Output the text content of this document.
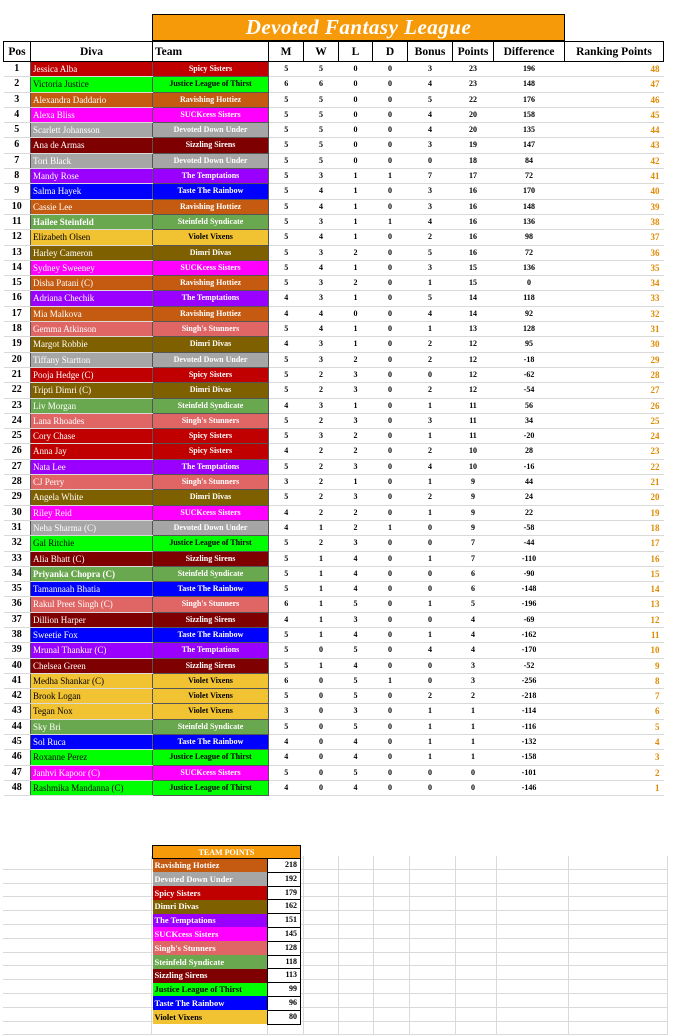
Devoted Fantasy League
Pos	Diva	Team	M	W	L	D	Bonus	Points	Difference	Ranking Points
1	Jessica Alba	Spicy Sisters	5	5	0	0	3	23	196	48
2	Victoria Justice	Justice League of Thirst	6	6	0	0	4	23	148	47
3	Alexandra Daddario	Ravishing Hottiez	5	5	0	0	5	22	176	46
4	Alexa Bliss	SUCKcess Sisters	5	5	0	0	4	20	158	45
5	Scarlett Johansson	Devoted Down Under	5	5	0	0	4	20	135	44
6	Ana de Armas	Sizzling Sirens	5	5	0	0	3	19	147	43
7	Tori Black	Devoted Down Under	5	5	0	0	0	18	84	42
8	Mandy Rose	The Temptations	5	3	1	1	7	17	72	41
9	Salma Hayek	Taste The Rainbow	5	4	1	0	3	16	170	40
10	Cassie Lee	Ravishing Hottiez	5	4	1	0	3	16	148	39
11	Hailee Steinfeld	Steinfeld Syndicate	5	3	1	1	4	16	136	38
12	Elizabeth Olsen	Violet Vixens	5	4	1	0	2	16	98	37
13	Harley Cameron	Dimri Divas	5	3	2	0	5	16	72	36
14	Sydney Sweeney	SUCKcess Sisters	5	4	1	0	3	15	136	35
15	Disha Patani (C)	Ravishing Hottiez	5	3	2	0	1	15	0	34
16	Adriana Chechik	The Temptations	4	3	1	0	5	14	118	33
17	Mia Malkova	Ravishing Hottiez	4	4	0	0	4	14	92	32
18	Gemma Atkinson	Singh's Stunners	5	4	1	0	1	13	128	31
19	Margot Robbie	Dimri Divas	4	3	1	0	2	12	95	30
20	Tiffany Startton	Devoted Down Under	5	3	2	0	2	12	-18	29
21	Pooja Hedge (C)	Spicy Sisters	5	2	3	0	0	12	-62	28
22	Tripti Dimri (C)	Dimri Divas	5	2	3	0	2	12	-54	27
23	Liv Morgan	Steinfeld Syndicate	4	3	1	0	1	11	56	26
24	Lana Rhoades	Singh's Stunners	5	2	3	0	3	11	34	25
25	Cory Chase	Spicy Sisters	5	3	2	0	1	11	-20	24
26	Anna Jay	Spicy Sisters	4	2	2	0	2	10	28	23
27	Nata Lee	The Temptations	5	2	3	0	4	10	-16	22
28	CJ Perry	Singh's Stunners	3	2	1	0	1	9	44	21
29	Angela White	Dimri Divas	5	2	3	0	2	9	24	20
30	Riley Reid	SUCKcess Sisters	4	2	2	0	1	9	22	19
31	Neha Sharma (C)	Devoted Down Under	4	1	2	1	0	9	-58	18
32	Gal Ritchie	Justice League of Thirst	5	2	3	0	0	7	-44	17
33	Alia Bhatt (C)	Sizzling Sirens	5	1	4	0	1	7	-110	16
34	Priyanka Chopra (C)	Steinfeld Syndicate	5	1	4	0	0	6	-90	15
35	Tamannaah Bhatia	Taste The Rainbow	5	1	4	0	0	6	-148	14
36	Rakul Preet Singh (C)	Singh's Stunners	6	1	5	0	1	5	-196	13
37	Dillion Harper	Sizzling Sirens	4	1	3	0	0	4	-69	12
38	Sweetie Fox	Taste The Rainbow	5	1	4	0	1	4	-162	11
39	Mrunal Thankur (C)	The Temptations	5	0	5	0	4	4	-170	10
40	Chelsea Green	Sizzling Sirens	5	1	4	0	0	3	-52	9
41	Medha Shankar (C)	Violet Vixens	6	0	5	1	0	3	-256	8
42	Brook Logan	Violet Vixens	5	0	5	0	2	2	-218	7
43	Tegan Nox	Violet Vixens	3	0	3	0	1	1	-114	6
44	Sky Bri	Steinfeld Syndicate	5	0	5	0	1	1	-116	5
45	Sol Ruca	Taste The Rainbow	4	0	4	0	1	1	-132	4
46	Roxanne Perez	Justice League of Thirst	4	0	4	0	1	1	-158	3
47	Janhvi Kapoor (C)	SUCKcess Sisters	5	0	5	0	0	0	-101	2
48	Rashmika Mandanna (C)	Justice League of Thirst	4	0	4	0	0	0	-146	1
TEAM POINTS	
Ravishing Hottiez	218
Devoted Down Under	192
Spicy Sisters	179
Dimri Divas	162
The Temptations	151
SUCKcess Sisters	145
Singh's Stunners	128
Steinfeld Syndicate	118
Sizzling Sirens	113
Justice League of Thirst	99
Taste The Rainbow	96
Violet Vixens	80
